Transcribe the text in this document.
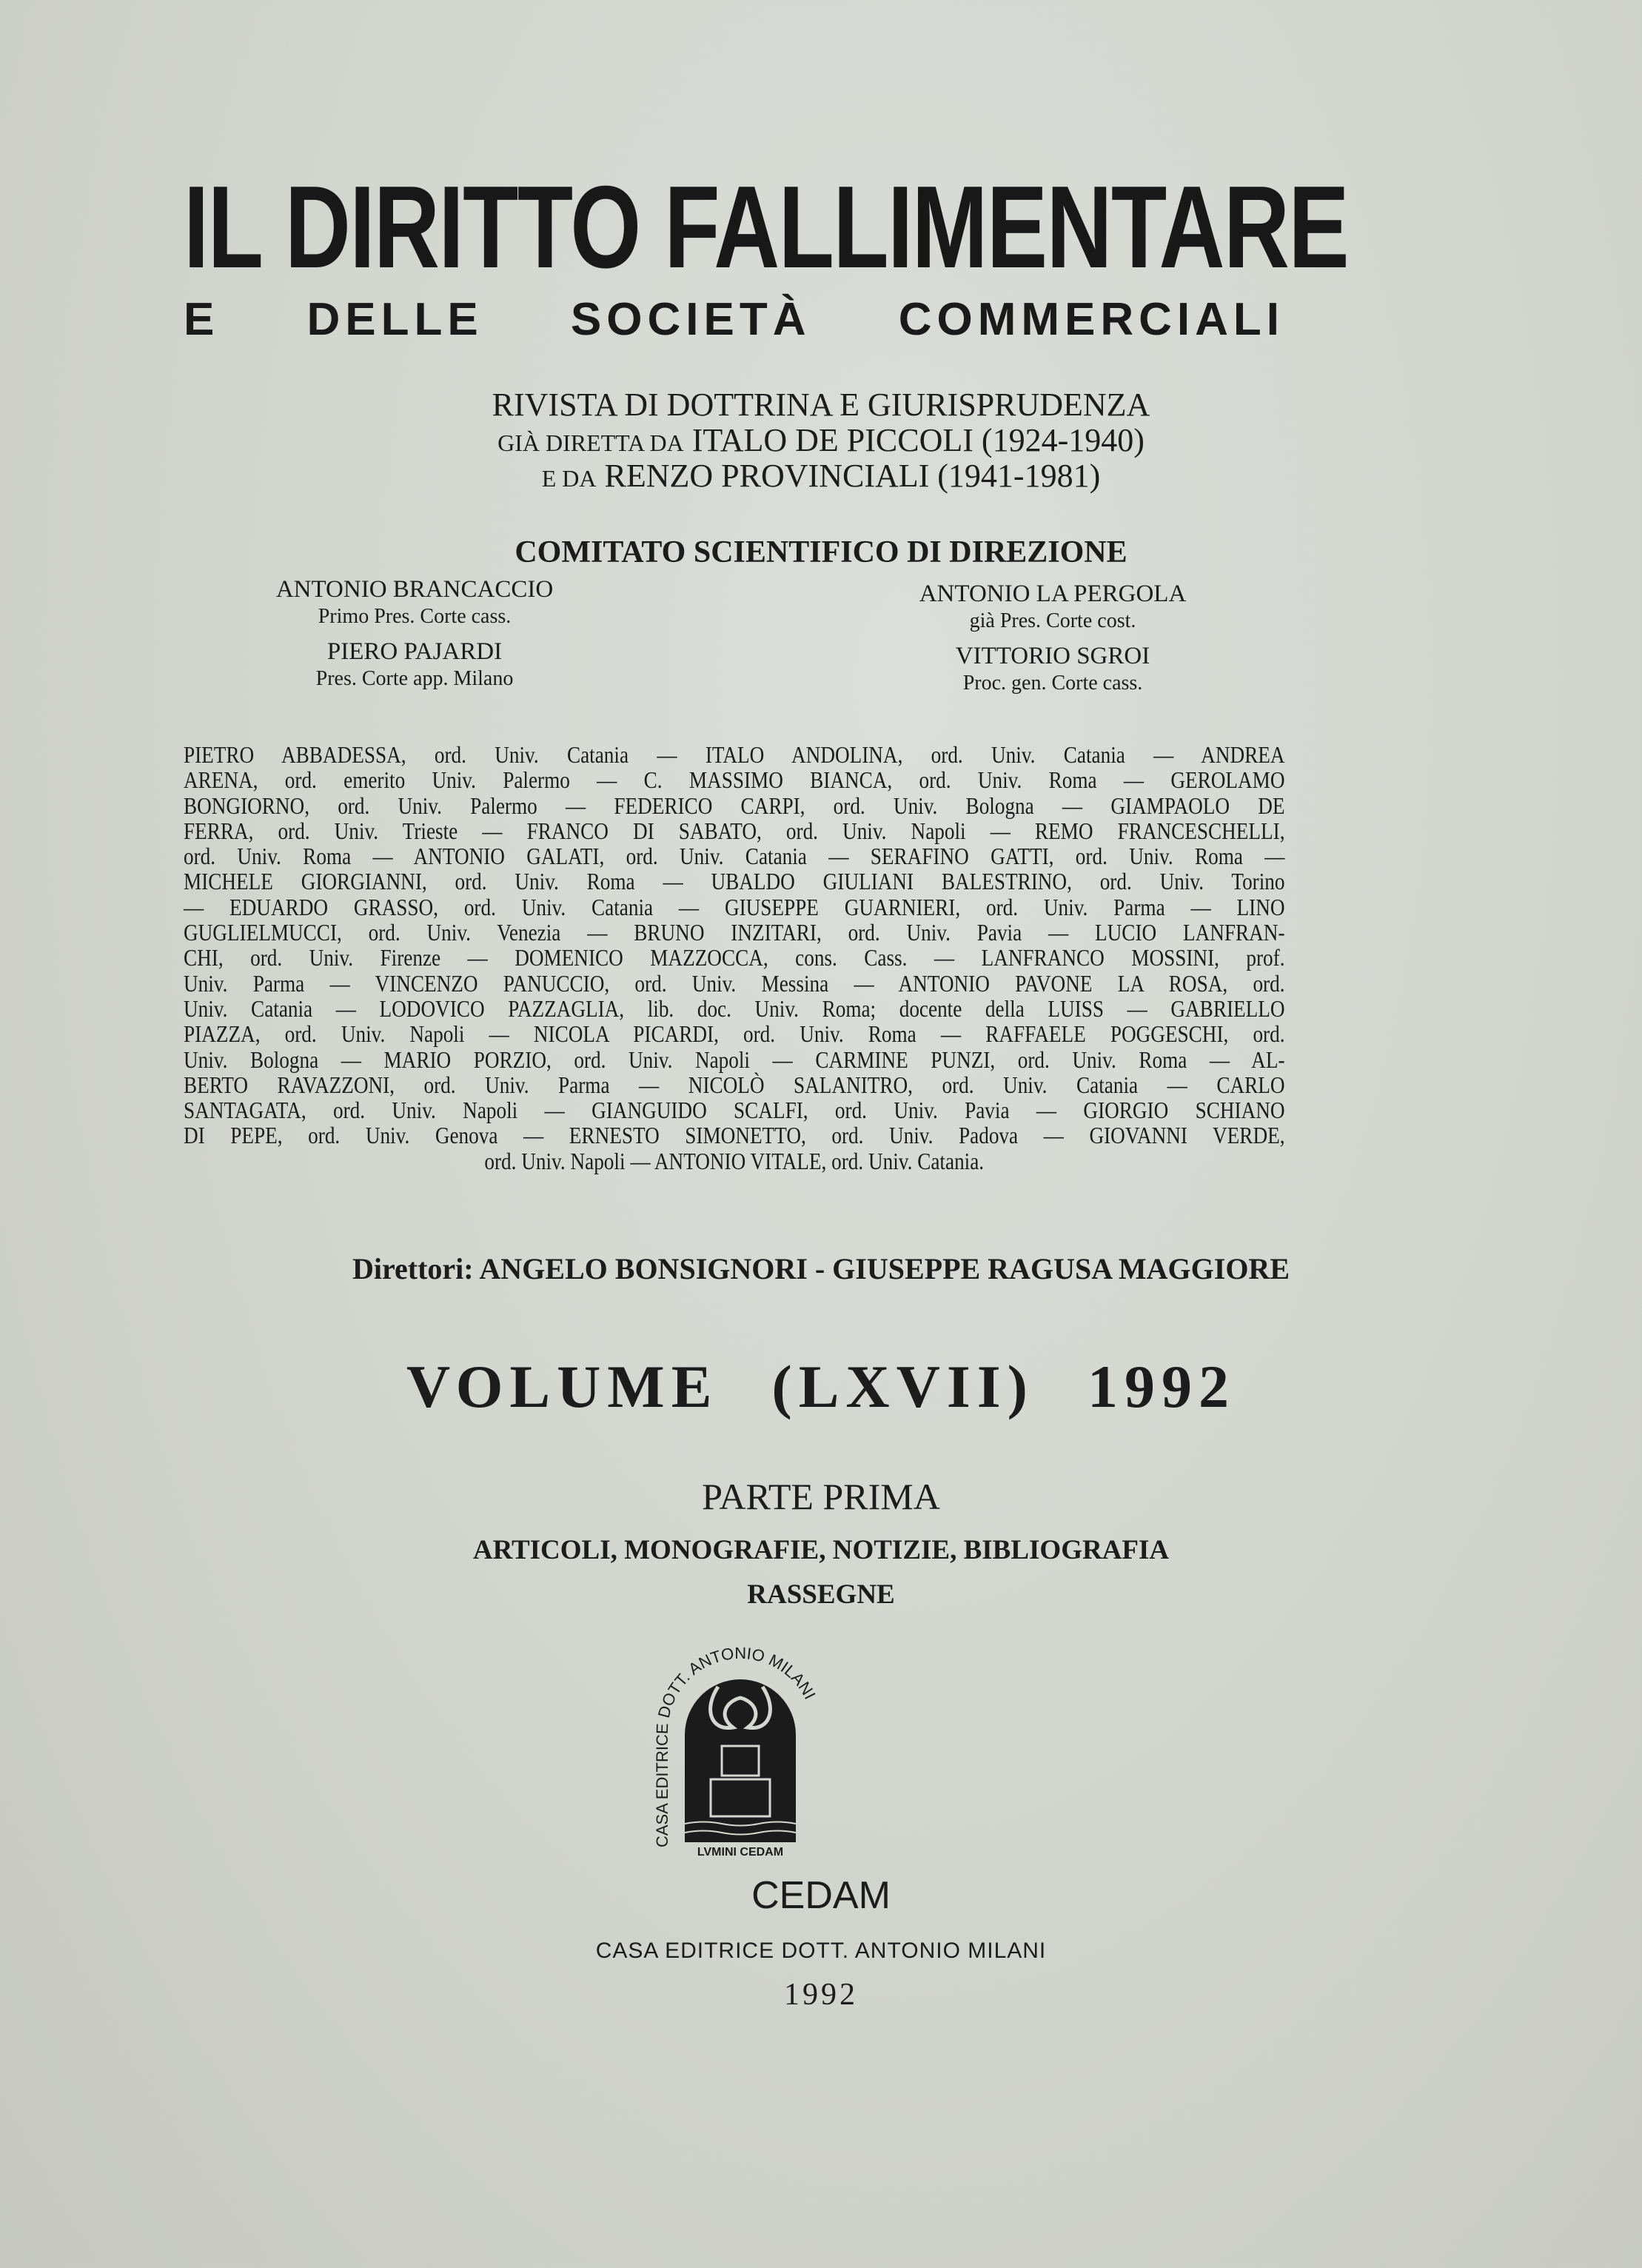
IL DIRITTO FALLIMENTARE
E DELLE SOCIETÀ COMMERCIALI
RIVISTA DI DOTTRINA E GIURISPRUDENZA
GIÀ DIRETTA DA ITALO DE PICCOLI (1924-1940)
E DA RENZO PROVINCIALI (1941-1981)
COMITATO SCIENTIFICO DI DIREZIONE
ANTONIO BRANCACCIO
Primo Pres. Corte cass.
PIERO PAJARDI
Pres. Corte app. Milano
ANTONIO LA PERGOLA
già Pres. Corte cost.
VITTORIO SGROI
Proc. gen. Corte cass.
PIETRO ABBADESSA, ord. Univ. Catania — ITALO ANDOLINA, ord. Univ. Catania — ANDREA
ARENA, ord. emerito Univ. Palermo — C. MASSIMO BIANCA, ord. Univ. Roma — GEROLAMO
BONGIORNO, ord. Univ. Palermo — FEDERICO CARPI, ord. Univ. Bologna — GIAMPAOLO DE
FERRA, ord. Univ. Trieste — FRANCO DI SABATO, ord. Univ. Napoli — REMO FRANCESCHELLI,
ord. Univ. Roma — ANTONIO GALATI, ord. Univ. Catania — SERAFINO GATTI, ord. Univ. Roma —
MICHELE GIORGIANNI, ord. Univ. Roma — UBALDO GIULIANI BALESTRINO, ord. Univ. Torino
— EDUARDO GRASSO, ord. Univ. Catania — GIUSEPPE GUARNIERI, ord. Univ. Parma — LINO
GUGLIELMUCCI, ord. Univ. Venezia — BRUNO INZITARI, ord. Univ. Pavia — LUCIO LANFRAN-
CHI, ord. Univ. Firenze — DOMENICO MAZZOCCA, cons. Cass. — LANFRANCO MOSSINI, prof.
Univ. Parma — VINCENZO PANUCCIO, ord. Univ. Messina — ANTONIO PAVONE LA ROSA, ord.
Univ. Catania — LODOVICO PAZZAGLIA, lib. doc. Univ. Roma; docente della LUISS — GABRIELLO
PIAZZA, ord. Univ. Napoli — NICOLA PICARDI, ord. Univ. Roma — RAFFAELE POGGESCHI, ord.
Univ. Bologna — MARIO PORZIO, ord. Univ. Napoli — CARMINE PUNZI, ord. Univ. Roma — AL-
BERTO RAVAZZONI, ord. Univ. Parma — NICOLÒ SALANITRO, ord. Univ. Catania — CARLO
SANTAGATA, ord. Univ. Napoli — GIANGUIDO SCALFI, ord. Univ. Pavia — GIORGIO SCHIANO
DI PEPE, ord. Univ. Genova — ERNESTO SIMONETTO, ord. Univ. Padova — GIOVANNI VERDE,
ord. Univ. Napoli — ANTONIO VITALE, ord. Univ. Catania.
Direttori: ANGELO BONSIGNORI - GIUSEPPE RAGUSA MAGGIORE
VOLUME (LXVII) 1992
PARTE PRIMA
ARTICOLI, MONOGRAFIE, NOTIZIE, BIBLIOGRAFIA
RASSEGNE
LVMINI CEDAM
CASA EDITRICE DOTT. ANTONIO MILANI
CEDAM
CASA EDITRICE DOTT. ANTONIO MILANI
1992
